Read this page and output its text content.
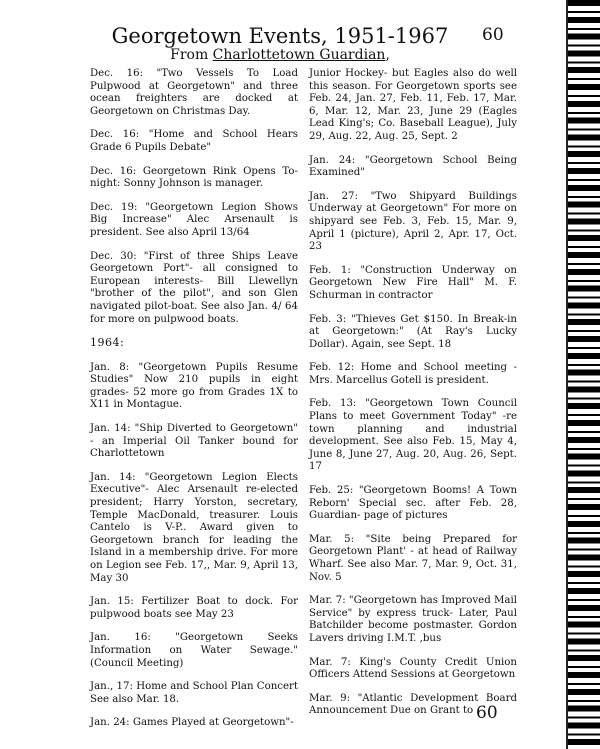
Georgetown Events, 1951-1967
From Charlottetown Guardian,
60

Dec. 16: "Two Vessels To Load Pulpwood at Georgetown" and three ocean freighters are docked at Georgetown on Christmas Day.

Dec. 16: "Home and School Hears Grade 6 Pupils Debate"

Dec. 16: Georgetown Rink Opens To-night: Sonny Johnson is manager.

Dec. 19: "Georgetown Legion Shows Big Increase" Alec Arsenault is president. See also April 13/64

Dec. 30: "First of three Ships Leave Georgetown Port"- all consigned to European interests- Bill Llewellyn "brother of the pilot", and son Glen navigated pilot-boat. See also Jan. 4/ 64 for more on pulpwood boats.

1964:

Jan. 8: "Georgetown Pupils Resume Studies" Now 210 pupils in eight grades- 52 more go from Grades 1X to X11 in Montague.

Jan. 14: "Ship Diverted to Georgetown" - an Imperial Oil Tanker bound for Charlottetown

Jan. 14: "Georgetown Legion Elects Executive"- Alec Arsenault re-elected president; Harry Yorston, secretary, Temple MacDonald, treasurer. Louis Cantelo is V-P.. Award given to Georgetown branch for leading the Island in a membership drive. For more on Legion see Feb. 17,, Mar. 9, April 13, May 30

Jan. 15: Fertilizer Boat to dock. For pulpwood boats see May 23

Jan. 16: "Georgetown Seeks Information on Water Sewage." (Council Meeting)

Jan., 17: Home and School Plan Concert See also Mar. 18.

Jan. 24: Games Played at Georgetown"-

Junior Hockey- but Eagles also do well this season. For Georgetown sports see Feb. 24, Jan. 27, Feb. 11, Feb. 17, Mar. 6, Mar. 12, Mar. 23, June 29 (Eagles Lead King's; Co. Baseball League), July 29, Aug. 22, Aug. 25, Sept. 2

Jan. 24: "Georgetown School Being Examined"

Jan. 27: "Two Shipyard Buildings Underway at Georgetown" For more on shipyard see Feb. 3, Feb. 15, Mar. 9, April 1 (picture), April 2, Apr. 17, Oct. 23

Feb. 1: "Construction Underway on Georgetown New Fire Hall" M. F. Schurman in contractor

Feb. 3: "Thieves Get $150. In Break-in at Georgetown:" (At Ray's Lucky Dollar). Again, see Sept. 18

Feb. 12: Home and School meeting - Mrs. Marcellus Gotell is president.

Feb. 13: "Georgetown Town Council Plans to meet Government Today" -re town planning and industrial development. See also Feb. 15, May 4, June 8, June 27, Aug. 20, Aug. 26, Sept. 17

Feb. 25: "Georgetown Booms! A Town Reborn' Special sec. after Feb. 28, Guardian- page of pictures

Mar. 5: "Site being Prepared for Georgetown Plant' - at head of Railway Wharf. See also Mar. 7, Mar. 9, Oct. 31, Nov. 5

Mar. 7: "Georgetown has Improved Mail Service" by express truck- Later, Paul Batchilder become postmaster. Gordon Lavers driving I.M.T. ,bus

Mar. 7: King's County Credit Union Officers Attend Sessions at Georgetown

Mar. 9: "Atlantic Development Board Announcement Due on Grant to 60
